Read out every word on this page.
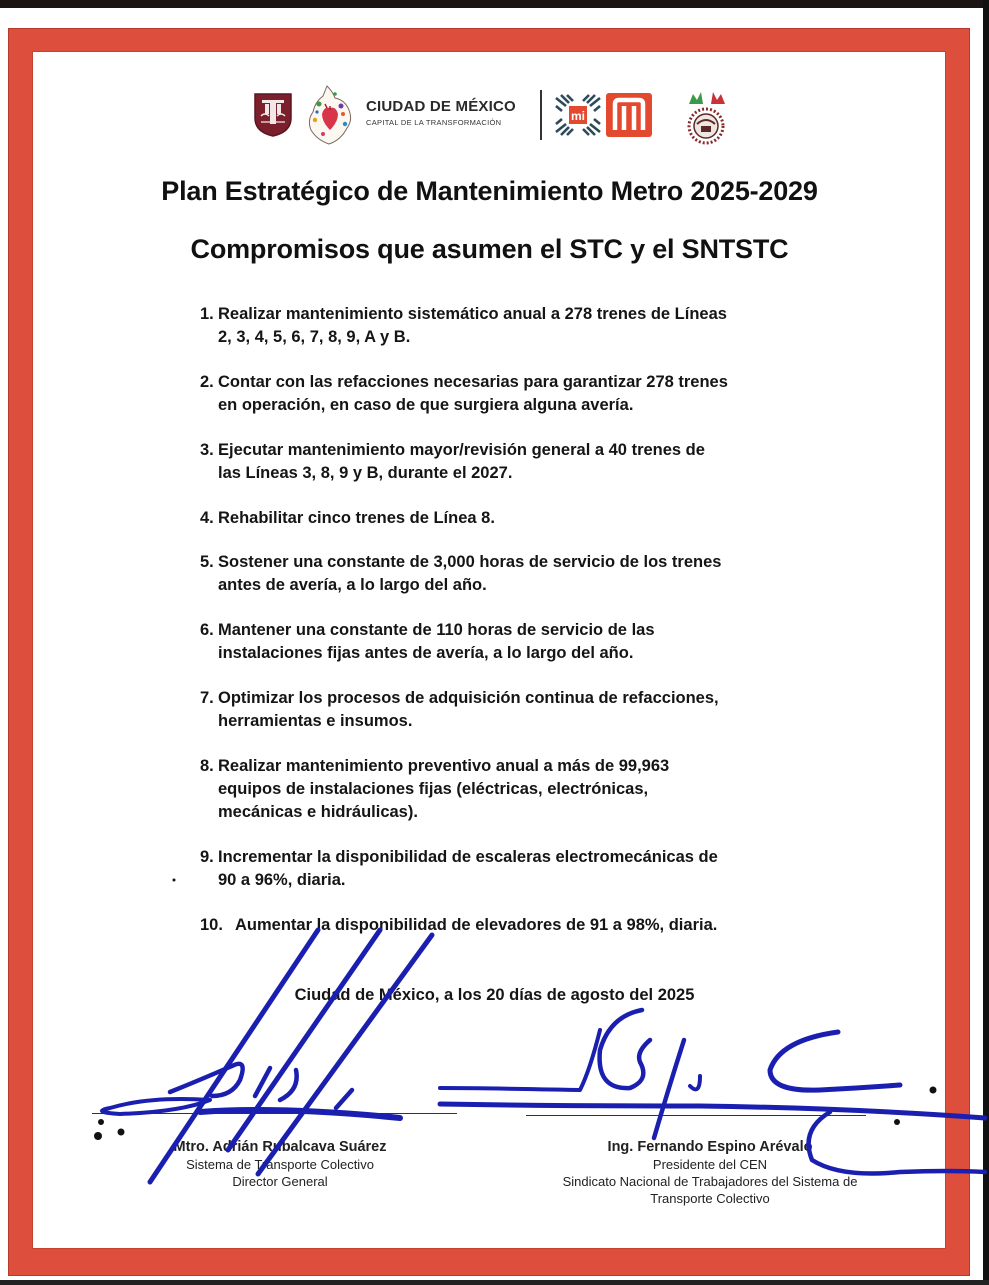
CIUDAD DE MÉXICO
CAPITAL DE LA TRANSFORMACIÓN	mi
Plan Estratégico de Mantenimiento Metro 2025-2029
Compromisos que asumen el STC y el SNTSTC
1. Realizar mantenimiento sistemático anual a 278 trenes de Líneas
2, 3, 4, 5, 6, 7, 8, 9, A y B.
2. Contar con las refacciones necesarias para garantizar 278 trenes
en operación, en caso de que surgiera alguna avería.
3. Ejecutar mantenimiento mayor/revisión general a 40 trenes de
las Líneas 3, 8, 9 y B, durante el 2027.
4. Rehabilitar cinco trenes de Línea 8.
5. Sostener una constante de 3,000 horas de servicio de los trenes
antes de avería, a lo largo del año.
6. Mantener una constante de 110 horas de servicio de las
instalaciones fijas antes de avería, a lo largo del año.
7. Optimizar los procesos de adquisición continua de refacciones,
herramientas e insumos.
8. Realizar mantenimiento preventivo anual a más de 99,963
equipos de instalaciones fijas (eléctricas, electrónicas,
mecánicas e hidráulicas).
9. Incrementar la disponibilidad de escaleras electromecánicas de
90 a 96%, diaria.
10. Aumentar la disponibilidad de elevadores de 91 a 98%, diaria.
Ciudad de México, a los 20 días de agosto del 2025
Mtro. Adrián Rubalcava Suárez
Sistema de Transporte Colectivo
Director General
Ing. Fernando Espino Arévalo
Presidente del CEN
Sindicato Nacional de Trabajadores del Sistema de
Transporte Colectivo
